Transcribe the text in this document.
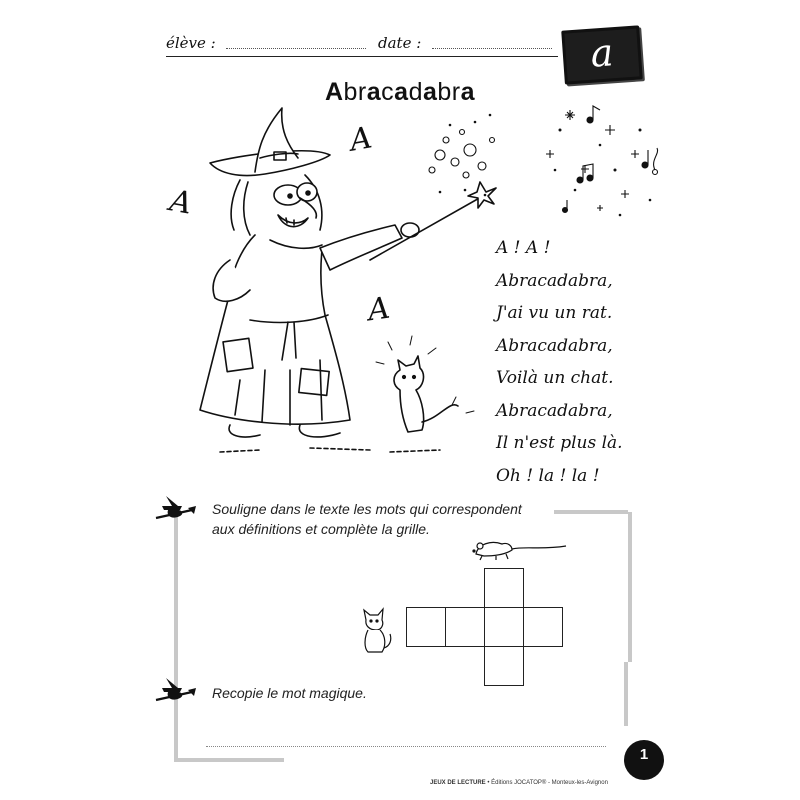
élève :	date :	a
Abracadabra
A
A
A
A ! A !
Abracadabra,
J'ai vu un rat.
Abracadabra,
Voilà un chat.
Abracadabra,
Il n'est plus là.
Oh ! la ! la !
Souligne dans le texte les mots qui correspondent
aux définitions et complète la grille.
Recopie le mot magique.
JEUX DE LECTURE • Éditions JOCATOP® - Monteux-les-Avignon
1
